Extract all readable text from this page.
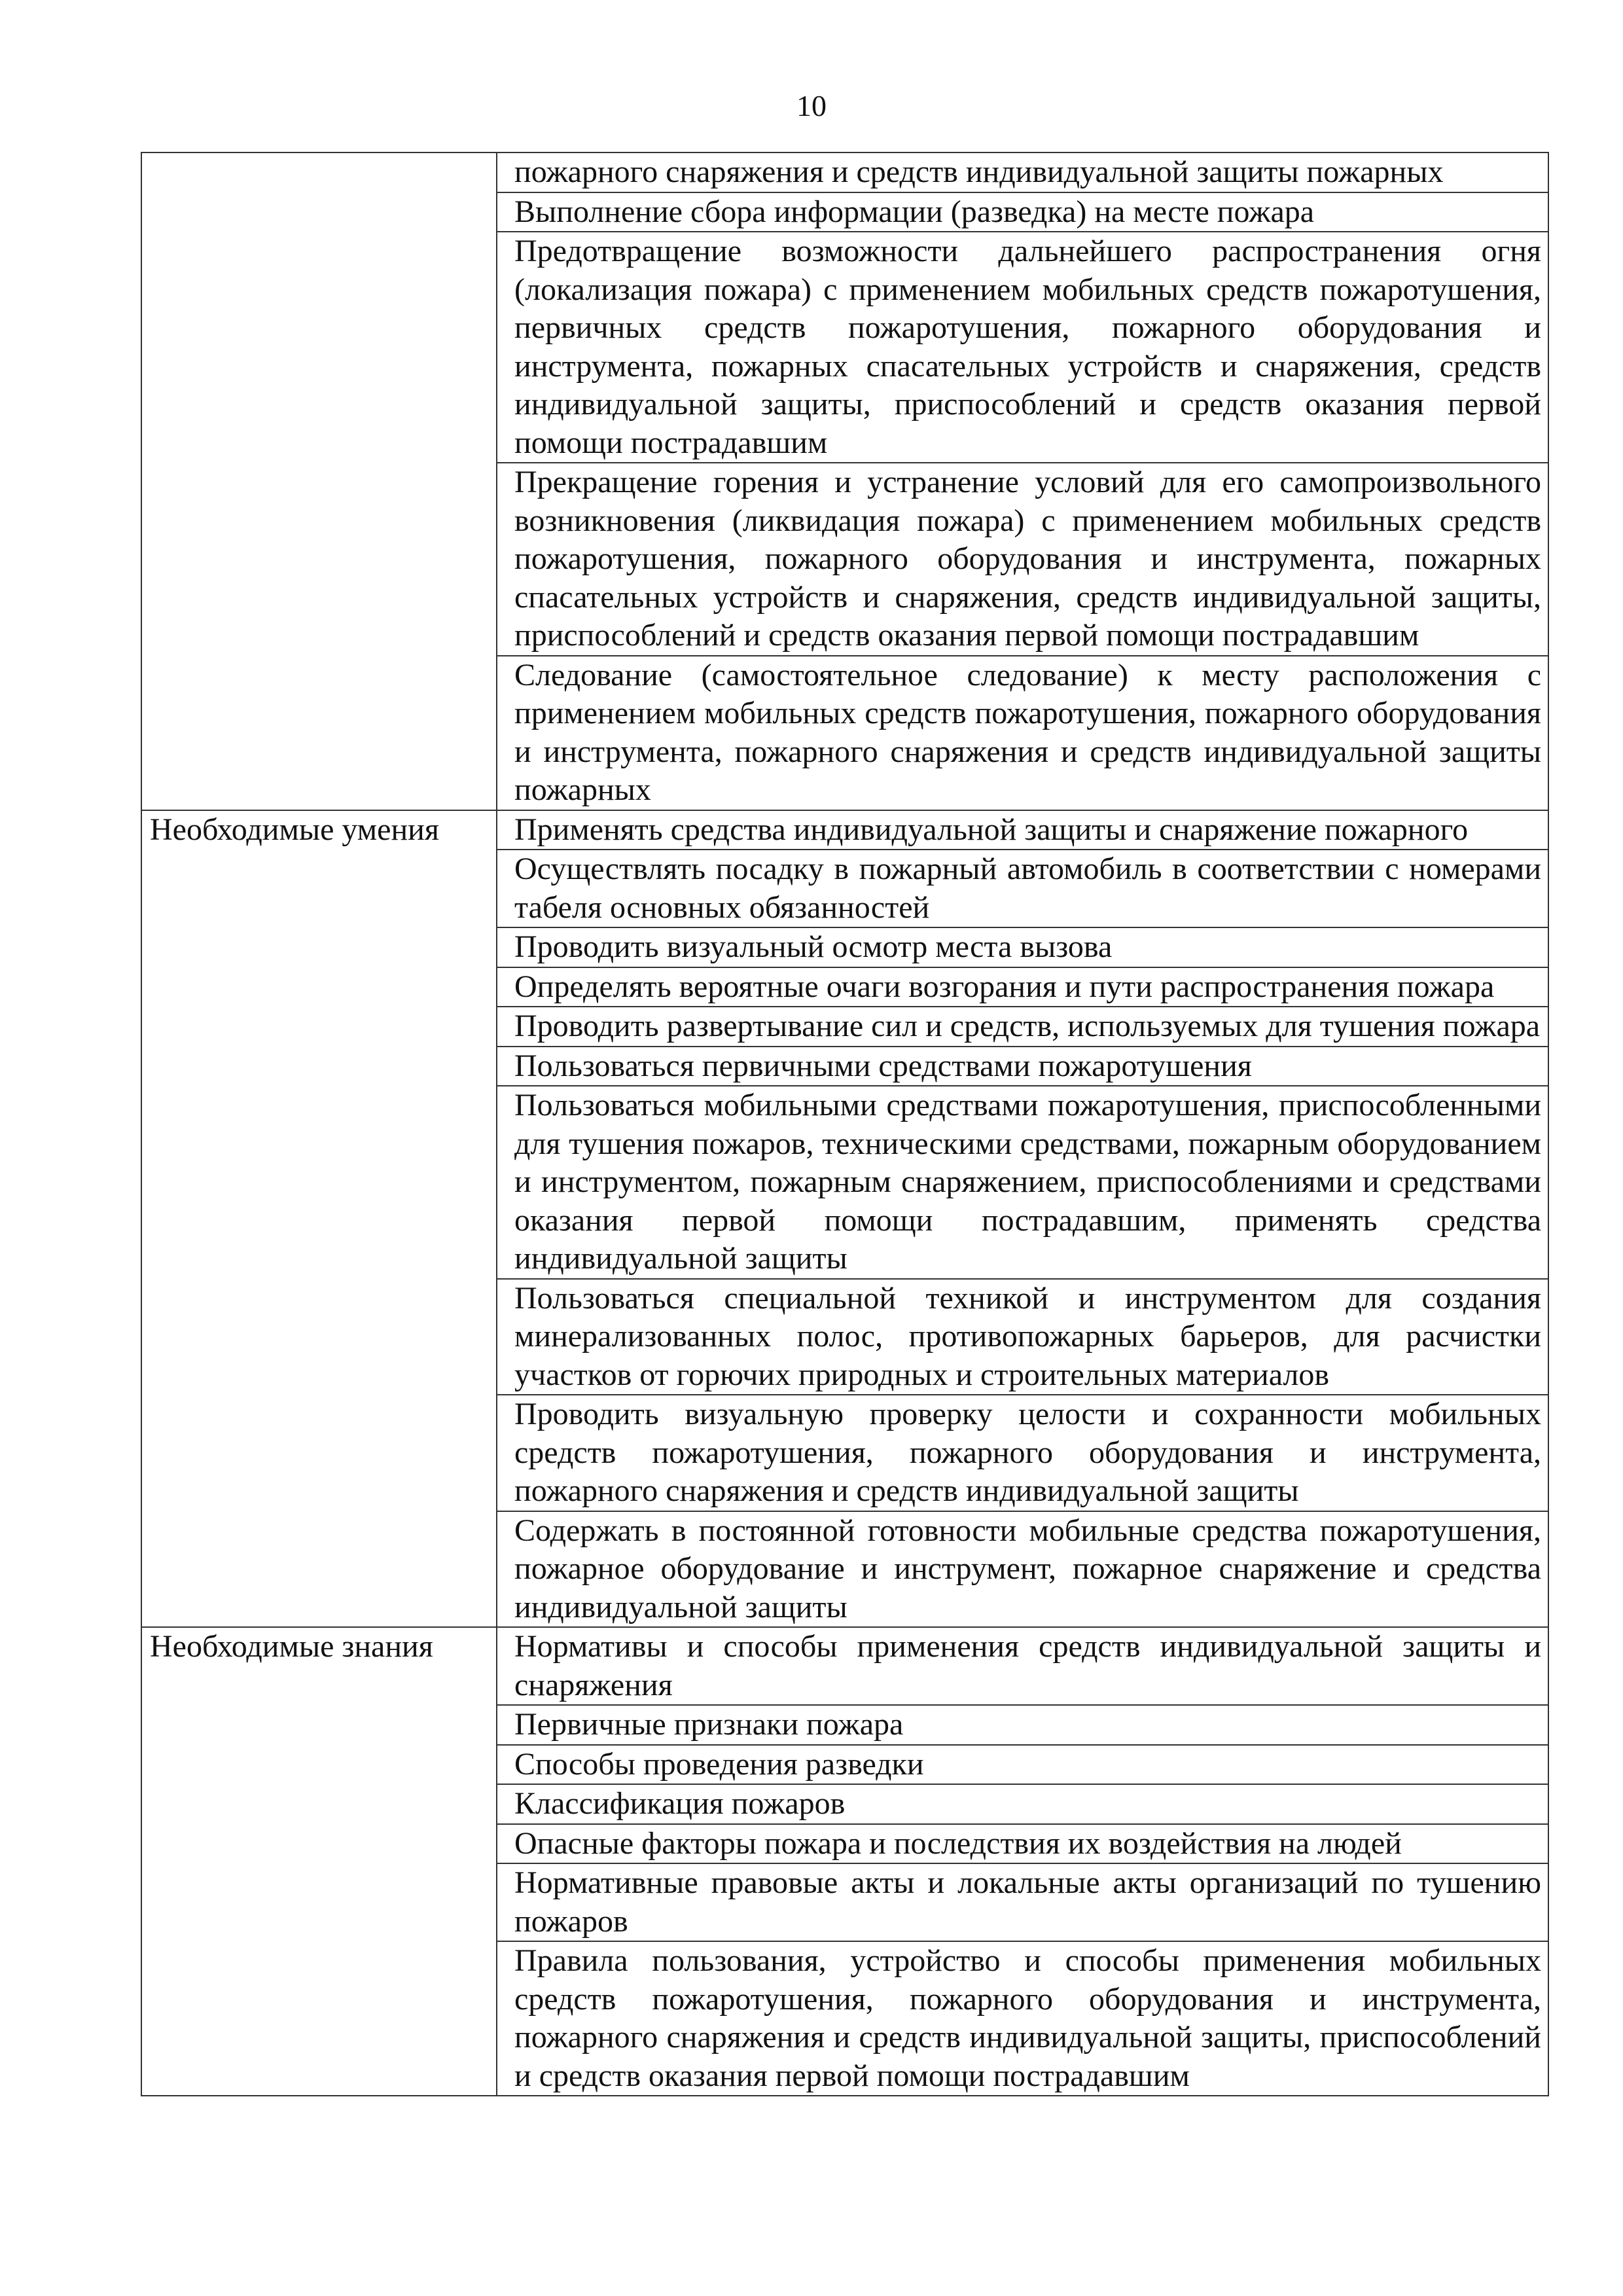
10
	пожарного снаряжения и средств индивидуальной защиты пожарных
	Выполнение сбора информации (разведка) на месте пожара
	Предотвращение возможности дальнейшего распространения огня (локализация пожара) с применением мобильных средств пожаротушения, первичных средств пожаротушения, пожарного оборудования и инструмента, пожарных спасательных устройств и снаряжения, средств индивидуальной защиты, приспособлений и средств оказания первой помощи пострадавшим
	Прекращение горения и устранение условий для его самопроизвольного возникновения (ликвидация пожара) с применением мобильных средств пожаротушения, пожарного оборудования и инструмента, пожарных спасательных устройств и снаряжения, средств индивидуальной защиты, приспособлений и средств оказания первой помощи пострадавшим
	Следование (самостоятельное следование) к месту расположения с применением мобильных средств пожаротушения, пожарного оборудования и инструмента, пожарного снаряжения и средств индивидуальной защиты пожарных
Необходимые умения	Применять средства индивидуальной защиты и снаряжение пожарного
	Осуществлять посадку в пожарный автомобиль в соответствии с номерами табеля основных обязанностей
	Проводить визуальный осмотр места вызова
	Определять вероятные очаги возгорания и пути распространения пожара
	Проводить развертывание сил и средств, используемых для тушения пожара
	Пользоваться первичными средствами пожаротушения
	Пользоваться мобильными средствами пожаротушения, приспособленными для тушения пожаров, техническими средствами, пожарным оборудованием и инструментом, пожарным снаряжением, приспособлениями и средствами оказания первой помощи пострадавшим, применять средства индивидуальной защиты
	Пользоваться специальной техникой и инструментом для создания минерализованных полос, противопожарных барьеров, для расчистки участков от горючих природных и строительных материалов
	Проводить визуальную проверку целости и сохранности мобильных средств пожаротушения, пожарного оборудования и инструмента, пожарного снаряжения и средств индивидуальной защиты
	Содержать в постоянной готовности мобильные средства пожаротушения, пожарное оборудование и инструмент, пожарное снаряжение и средства индивидуальной защиты
Необходимые знания	Нормативы и способы применения средств индивидуальной защиты и снаряжения
	Первичные признаки пожара
	Способы проведения разведки
	Классификация пожаров
	Опасные факторы пожара и последствия их воздействия на людей
	Нормативные правовые акты и локальные акты организаций по тушению пожаров
	Правила пользования, устройство и способы применения мобильных средств пожаротушения, пожарного оборудования и инструмента, пожарного снаряжения и средств индивидуальной защиты, приспособлений и средств оказания первой помощи пострадавшим
